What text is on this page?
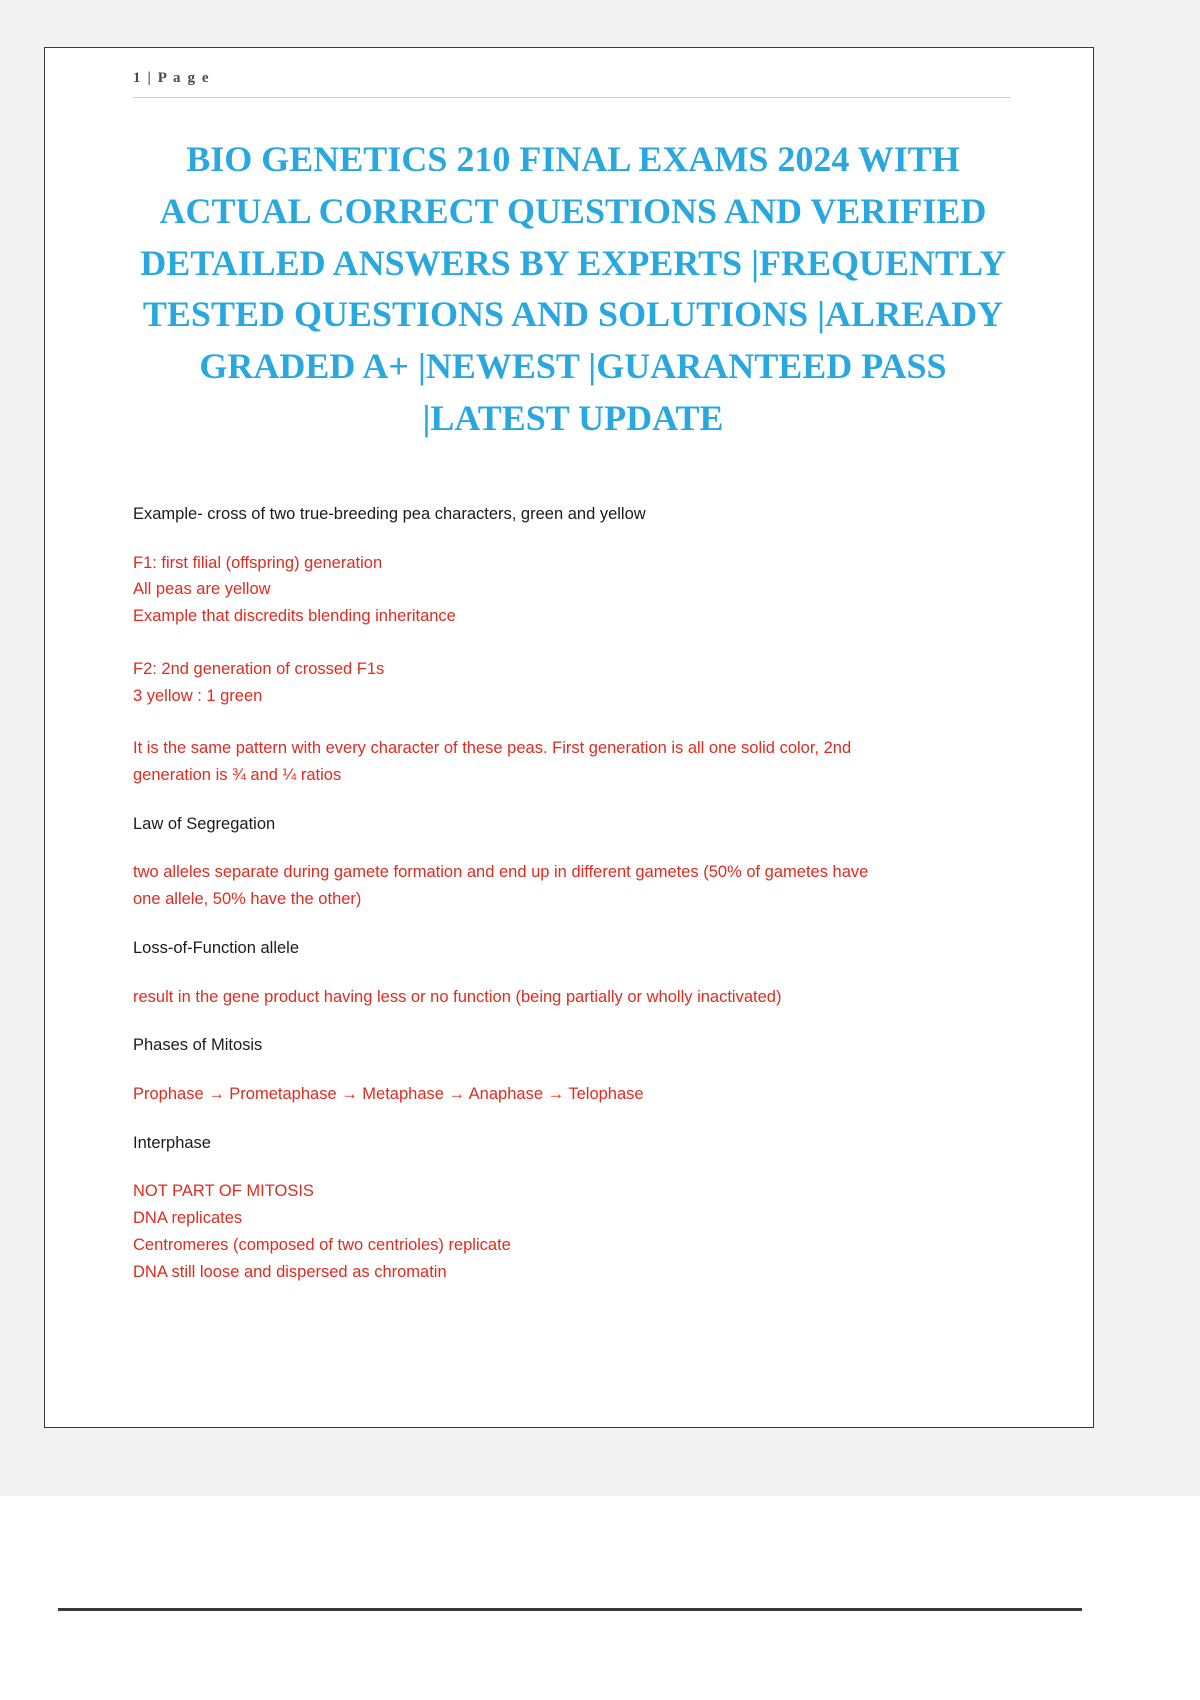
1 | P a g e
BIO GENETICS 210 FINAL EXAMS 2024 WITH ACTUAL CORRECT QUESTIONS AND VERIFIED DETAILED ANSWERS BY EXPERTS |FREQUENTLY TESTED QUESTIONS AND SOLUTIONS |ALREADY GRADED A+ |NEWEST |GUARANTEED PASS |LATEST UPDATE

Example- cross of two true-breeding pea characters, green and yellow

F1: first filial (offspring) generation
All peas are yellow
Example that discredits blending inheritance

F2: 2nd generation of crossed F1s
3 yellow : 1 green

It is the same pattern with every character of these peas. First generation is all one solid color, 2nd
generation is ¾ and ¼ ratios

Law of Segregation

two alleles separate during gamete formation and end up in different gametes (50% of gametes have
one allele, 50% have the other)

Loss-of-Function allele

result in the gene product having less or no function (being partially or wholly inactivated)

Phases of Mitosis

Prophase → Prometaphase → Metaphase → Anaphase → Telophase

Interphase

NOT PART OF MITOSIS
DNA replicates
Centromeres (composed of two centrioles) replicate
DNA still loose and dispersed as chromatin
